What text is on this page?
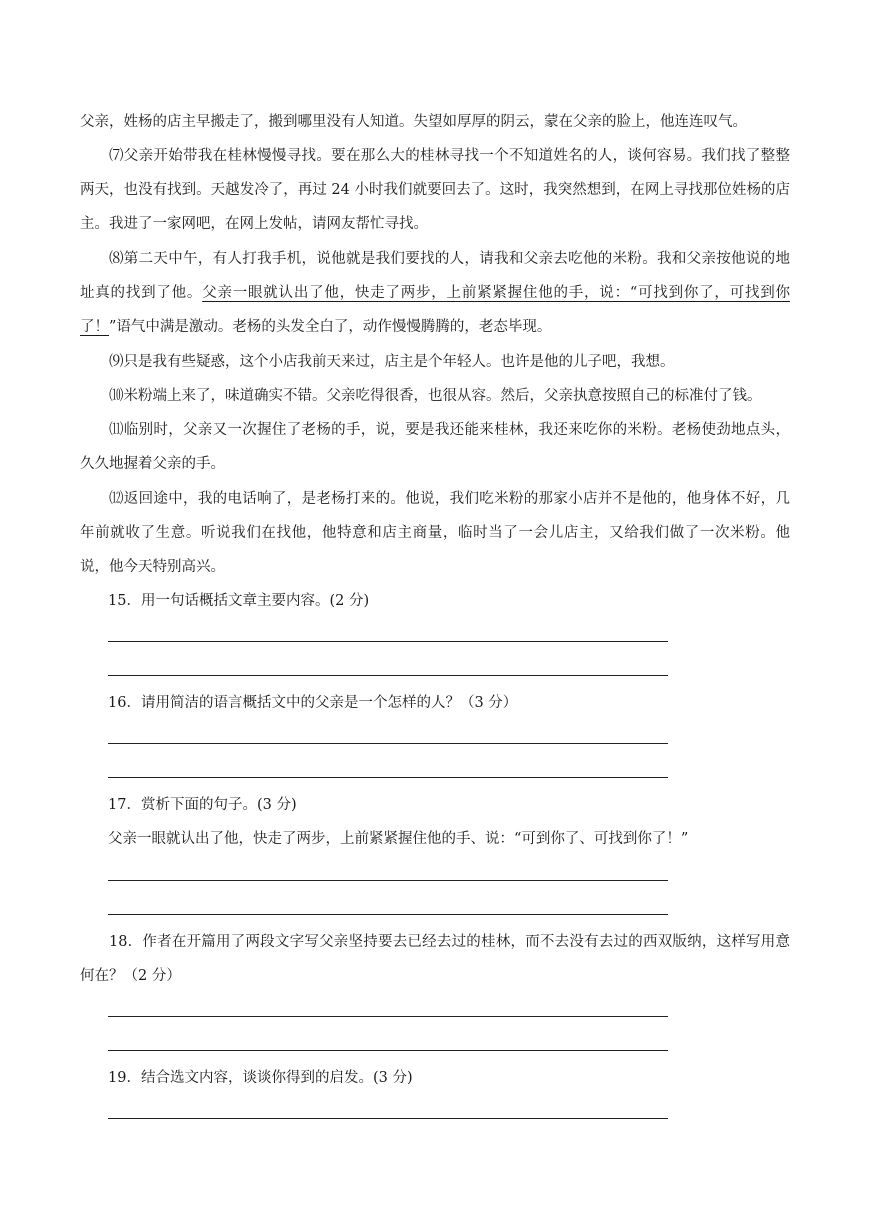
父亲，姓杨的店主早搬走了，搬到哪里没有人知道。失望如厚厚的阴云，蒙在父亲的脸上，他连连叹气。

⑺父亲开始带我在桂林慢慢寻找。要在那么大的桂林寻找一个不知道姓名的人，谈何容易。我们找了整整两天，也没有找到。天越发冷了，再过 24 小时我们就要回去了。这时，我突然想到，在网上寻找那位姓杨的店主。我进了一家网吧，在网上发帖，请网友帮忙寻找。

⑻第二天中午，有人打我手机，说他就是我们要找的人，请我和父亲去吃他的米粉。我和父亲按他说的地址真的找到了他。父亲一眼就认出了他，快走了两步，上前紧紧握住他的手，说：“可找到你了，可找到你了！”语气中满是激动。老杨的头发全白了，动作慢慢腾腾的，老态毕现。

⑼只是我有些疑惑，这个小店我前天来过，店主是个年轻人。也许是他的儿子吧，我想。

⑽米粉端上来了，味道确实不错。父亲吃得很香，也很从容。然后，父亲执意按照自己的标准付了钱。

⑾临别时，父亲又一次握住了老杨的手，说，要是我还能来桂林，我还来吃你的米粉。老杨使劲地点头，久久地握着父亲的手。

⑿返回途中，我的电话响了，是老杨打来的。他说，我们吃米粉的那家小店并不是他的，他身体不好，几年前就收了生意。听说我们在找他，他特意和店主商量，临时当了一会儿店主，又给我们做了一次米粉。他说，他今天特别高兴。

15．用一句话概括文章主要内容。(2 分)

16．请用简洁的语言概括文中的父亲是一个怎样的人？（3 分）

17．赏析下面的句子。(3 分)

父亲一眼就认出了他，快走了两步，上前紧紧握住他的手、说：“可到你了、可找到你了！”

18．作者在开篇用了两段文字写父亲坚持要去已经去过的桂林，而不去没有去过的西双版纳，这样写用意何在？（2 分）

19．结合选文内容，谈谈你得到的启发。(3 分)
